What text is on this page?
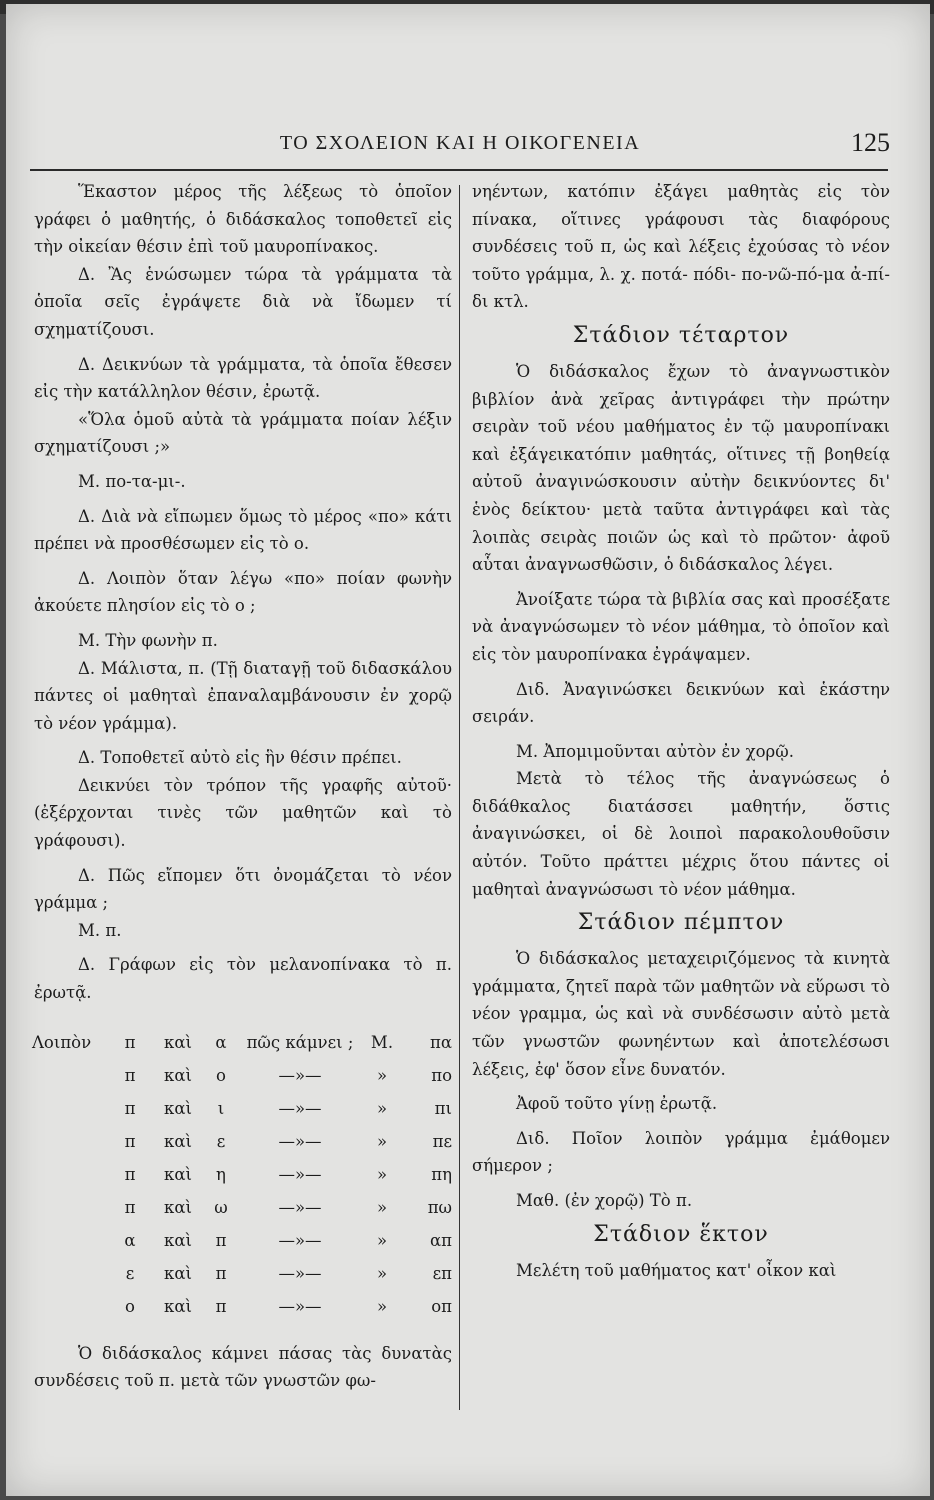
ΤΟ ΣΧΟΛΕΙΟΝ ΚΑΙ Η ΟΙΚΟΓΕΝΕΙΑ	125

Ἕκαστον μέρος τῆς λέξεως τὸ ὁποῖον γράφει ὁ μαθητής, ὁ διδάσκαλος τοποθετεῖ εἰς τὴν οἰκείαν θέσιν ἐπὶ τοῦ μαυροπίνακος.

Δ. Ἂς ἑνώσωμεν τώρα τὰ γράμματα τὰ ὁποῖα σεῖς ἐγράψετε διὰ νὰ ἴδωμεν τί σχηματίζουσι.

Δ. Δεικνύων τὰ γράμματα, τὰ ὁποῖα ἔθεσεν εἰς τὴν κατάλληλον θέσιν, ἐρωτᾷ.

«Ὅλα ὁμοῦ αὐτὰ τὰ γράμματα ποίαν λέξιν σχηματίζουσι ;»

Μ. πο-τα-μι-.

Δ. Διὰ νὰ εἴπωμεν ὅμως τὸ μέρος «πο» κάτι πρέπει νὰ προσθέσωμεν εἰς τὸ ο.

Δ. Λοιπὸν ὅταν λέγω «πο» ποίαν φωνὴν ἀκούετε πλησίον εἰς τὸ ο ;

Μ. Τὴν φωνὴν π.

Δ. Μάλιστα, π. (Τῇ διαταγῇ τοῦ διδασκάλου πάντες οἱ μαθηταὶ ἐπαναλαμβάνουσιν ἐν χορῷ τὸ νέον γράμμα).

Δ. Τοποθετεῖ αὐτὸ εἰς ἣν θέσιν πρέπει.

Δεικνύει τὸν τρόπον τῆς γραφῆς αὐτοῦ· (ἐξέρχονται τινὲς τῶν μαθητῶν καὶ τὸ γράφουσι).

Δ. Πῶς εἴπομεν ὅτι ὀνομάζεται τὸ νέον γράμμα ;

Μ. π.

Δ. Γράφων εἰς τὸν μελανοπίνακα τὸ π. ἐρωτᾷ.

Λοιπὸν	π	καὶ	α	πῶς κάμνει ;	Μ.	πα
	π	καὶ	ο	—»—	»	πο
	π	καὶ	ι	—»—	»	πι
	π	καὶ	ε	—»—	»	πε
	π	καὶ	η	—»—	»	πη
	π	καὶ	ω	—»—	»	πω
	α	καὶ	π	—»—	»	απ
	ε	καὶ	π	—»—	»	επ
	ο	καὶ	π	—»—	»	οπ

Ὁ διδάσκαλος κάμνει πάσας τὰς δυνατὰς συνδέσεις τοῦ π. μετὰ τῶν γνωστῶν φω-

νηέντων, κατόπιν ἐξάγει μαθητὰς εἰς τὸν πίνακα, οἵτινες γράφουσι τὰς διαφόρους συνδέσεις τοῦ π, ὡς καὶ λέξεις ἐχούσας τὸ νέον τοῦτο γράμμα, λ. χ. ποτά- πόδι- πο-νῶ-πό-μα ἀ-πί-δι κτλ.

Στάδιον τέταρτον

Ὁ διδάσκαλος ἔχων τὸ ἀναγνωστικὸν βιβλίον ἀνὰ χεῖρας ἀντιγράφει τὴν πρώτην σειρὰν τοῦ νέου μαθήματος ἐν τῷ μαυροπίνακι καὶ ἐξάγεικατόπιν μαθητάς, οἵτινες τῇ βοηθείᾳ αὐτοῦ ἀναγινώσκουσιν αὐτὴν δεικνύοντες δι' ἑνὸς δείκτου· μετὰ ταῦτα ἀντιγράφει καὶ τὰς λοιπὰς σειρὰς ποιῶν ὡς καὶ τὸ πρῶτον· ἀφοῦ αὗται ἀναγνωσθῶσιν, ὁ διδάσκαλος λέγει.

Ἀνοίξατε τώρα τὰ βιβλία σας καὶ προσέξατε νὰ ἀναγνώσωμεν τὸ νέον μάθημα, τὸ ὁποῖον καὶ εἰς τὸν μαυροπίνακα ἐγράψαμεν.

Διδ. Ἀναγινώσκει δεικνύων καὶ ἑκάστην σειράν.

Μ. Ἀπομιμοῦνται αὐτὸν ἐν χορῷ.

Μετὰ τὸ τέλος τῆς ἀναγνώσεως ὁ διδάθκαλος διατάσσει μαθητήν, ὅστις ἀναγινώσκει, οἱ δὲ λοιποὶ παρακολουθοῦσιν αὐτόν. Τοῦτο πράττει μέχρις ὅτου πάντες οἱ μαθηταὶ ἀναγνώσωσι τὸ νέον μάθημα.

Στάδιον πέμπτον

Ὁ διδάσκαλος μεταχειριζόμενος τὰ κινητὰ γράμματα, ζητεῖ παρὰ τῶν μαθητῶν νὰ εὕρωσι τὸ νέον γραμμα, ὡς καὶ νὰ συνδέσωσιν αὐτὸ μετὰ τῶν γνωστῶν φωνηέντων καὶ ἀποτελέσωσι λέξεις, ἐφ' ὅσον εἶνε δυνατόν.

Ἀφοῦ τοῦτο γίνῃ ἐρωτᾷ.

Διδ. Ποῖον λοιπὸν γράμμα ἐμάθομεν σήμερον ;

Μαθ. (ἐν χορῷ) Τὸ π.

Στάδιον ἕκτον

Μελέτη τοῦ μαθήματος κατ' οἶκον καὶ
